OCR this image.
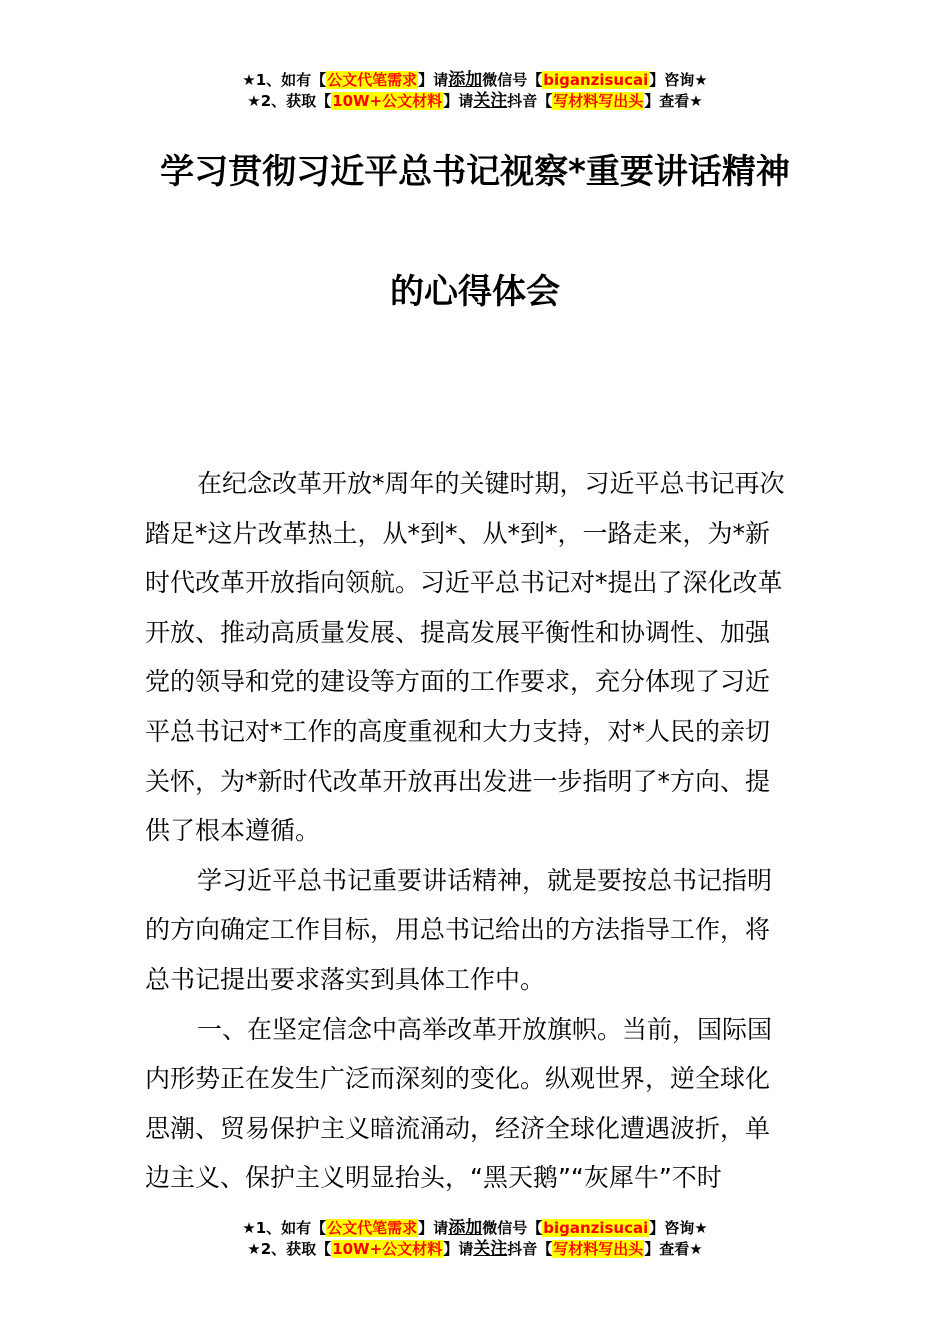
★1、如有【公文代笔需求】请添加微信号【biganzisucai】咨询★
★2、获取【10W+公文材料】请关注抖音【写材料写出头】查看★
学习贯彻习近平总书记视察*重要讲话精神
的心得体会

在纪念改革开放*周年的关键时期，习近平总书记再次
踏足*这片改革热土，从*到*、从*到*，一路走来，为*新
时代改革开放指向领航。习近平总书记对*提出了深化改革
开放、推动高质量发展、提高发展平衡性和协调性、加强
党的领导和党的建设等方面的工作要求，充分体现了习近
平总书记对*工作的高度重视和大力支持，对*人民的亲切
关怀，为*新时代改革开放再出发进一步指明了*方向、提
供了根本遵循。

学习近平总书记重要讲话精神，就是要按总书记指明
的方向确定工作目标，用总书记给出的方法指导工作，将
总书记提出要求落实到具体工作中。

一、在坚定信念中高举改革开放旗帜。当前，国际国
内形势正在发生广泛而深刻的变化。纵观世界，逆全球化
思潮、贸易保护主义暗流涌动，经济全球化遭遇波折，单
边主义、保护主义明显抬头，“黑天鹅”“灰犀牛”不时

★1、如有【公文代笔需求】请添加微信号【biganzisucai】咨询★
★2、获取【10W+公文材料】请关注抖音【写材料写出头】查看★
